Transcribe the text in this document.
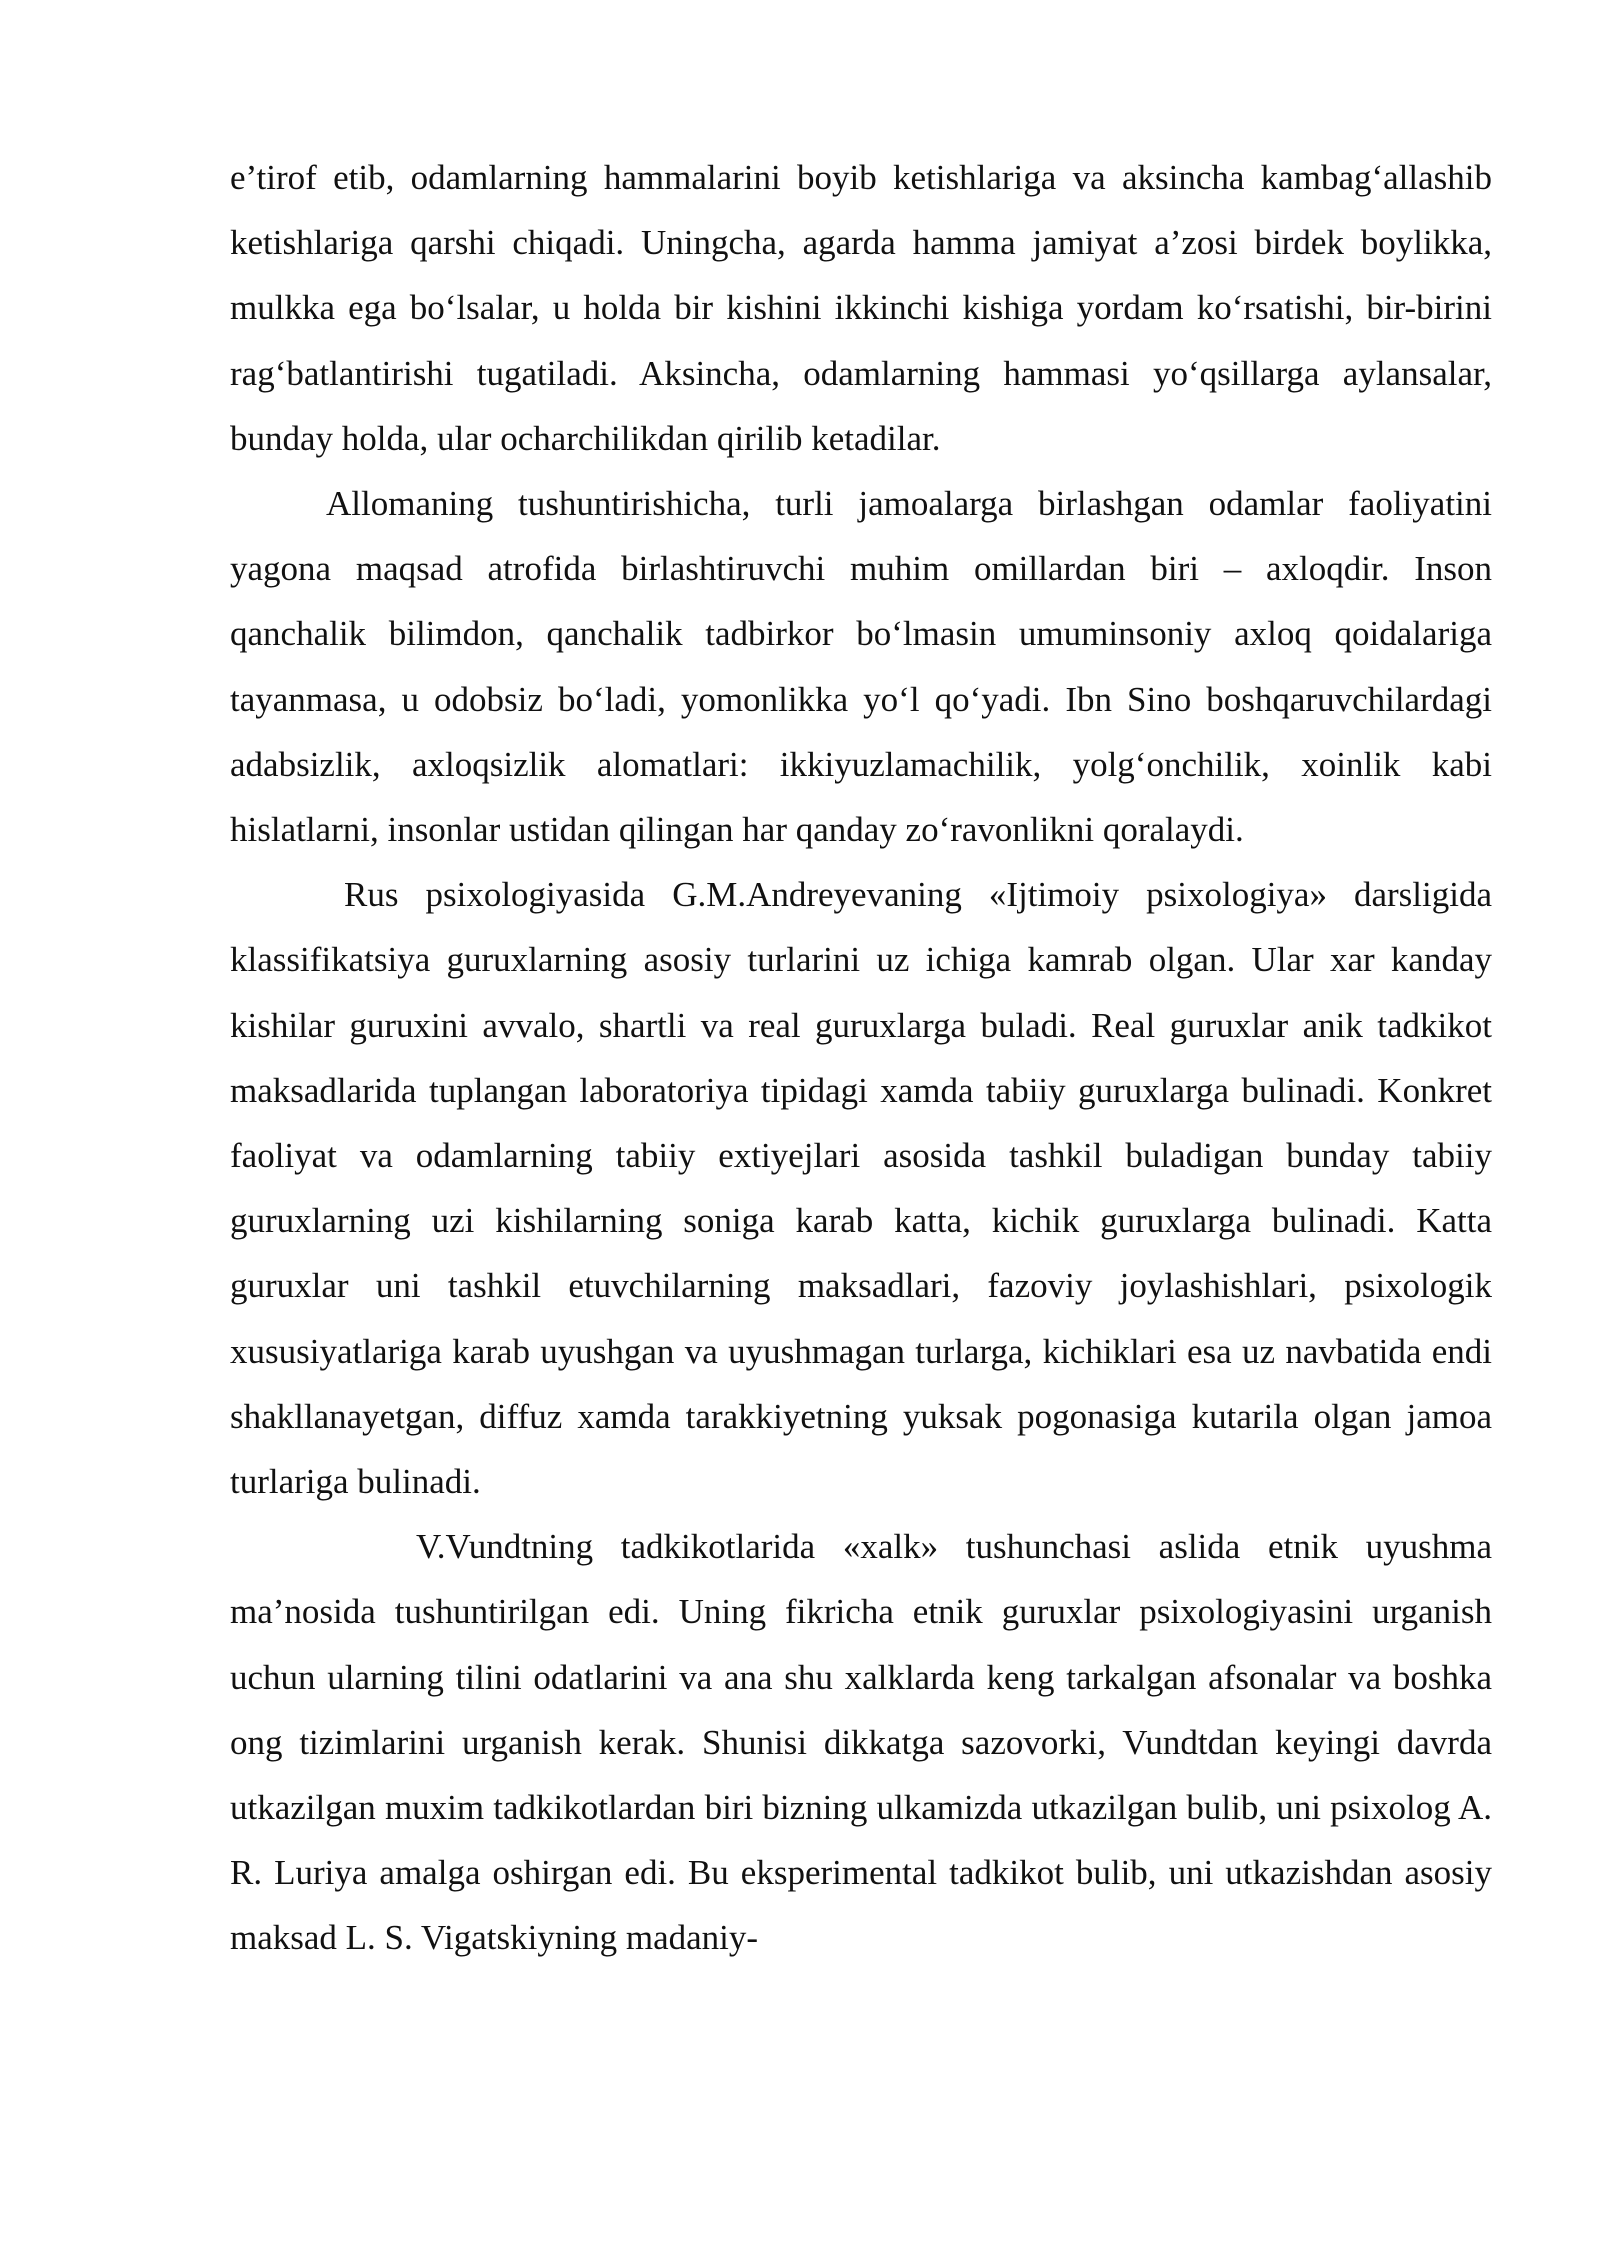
e’tirof etib, odamlarning hammalarini boyib ketishlariga va aksincha kambag‘allashib ketishlariga qarshi chiqadi. Uningcha, agarda hamma jamiyat a’zosi birdek boylikka, mulkka ega bo‘lsalar, u holda bir kishini ikkinchi kishiga yordam ko‘rsatishi, bir-birini rag‘batlantirishi tugatiladi. Aksincha, odamlarning hammasi yo‘qsillarga aylansalar, bunday holda, ular ocharchilikdan qirilib ketadilar.

Allomaning tushuntirishicha, turli jamoalarga birlashgan odamlar faoliyatini yagona maqsad atrofida birlashtiruvchi muhim omillardan biri – axloqdir. Inson qanchalik bilimdon, qanchalik tadbirkor bo‘lmasin umuminsoniy axloq qoidalariga tayanmasa, u odobsiz bo‘ladi, yomonlikka yo‘l qo‘yadi. Ibn Sino boshqaruvchilardagi adabsizlik, axloqsizlik alomatlari: ikkiyuzlamachilik, yolg‘onchilik, xoinlik kabi hislatlarni, insonlar ustidan qilingan har qanday zo‘ravonlikni qoralaydi.

Rus psixologiyasida G.M.Andreyevaning «Ijtimoiy psixologiya» darsligida klassifikatsiya guruxlarning asosiy turlarini uz ichiga kamrab olgan. Ular xar kanday kishilar guruxini avvalo, shartli va real guruxlarga buladi. Real guruxlar anik tadkikot maksadlarida tuplangan laboratoriya tipidagi xamda tabiiy guruxlarga bulinadi. Konkret faoliyat va odamlarning tabiiy extiyejlari asosida tashkil buladigan bunday tabiiy guruxlarning uzi kishilarning soniga karab katta, kichik guruxlarga bulinadi. Katta guruxlar uni tashkil etuvchilarning maksadlari, fazoviy joylashishlari, psixologik xususiyatlariga karab uyushgan va uyushmagan turlarga, kichiklari esa uz navbatida endi shakllanayetgan, diffuz xamda tarakkiyetning yuksak pogonasiga kutarila olgan jamoa turlariga bulinadi.

V.Vundtning tadkikotlarida «xalk» tushunchasi aslida etnik uyushma ma’nosida tushuntirilgan edi. Uning fikricha etnik guruxlar psixologiyasini urganish uchun ularning tilini odatlarini va ana shu xalklarda keng tarkalgan afsonalar va boshka ong tizimlarini urganish kerak. Shunisi dikkatga sazovorki, Vundtdan keyingi davrda utkazilgan muxim tadkikotlardan biri bizning ulkamizda utkazilgan bulib, uni psixolog A. R. Luriya amalga oshirgan edi. Bu eksperimental tadkikot bulib, uni utkazishdan asosiy maksad L. S. Vigatskiyning madaniy-
